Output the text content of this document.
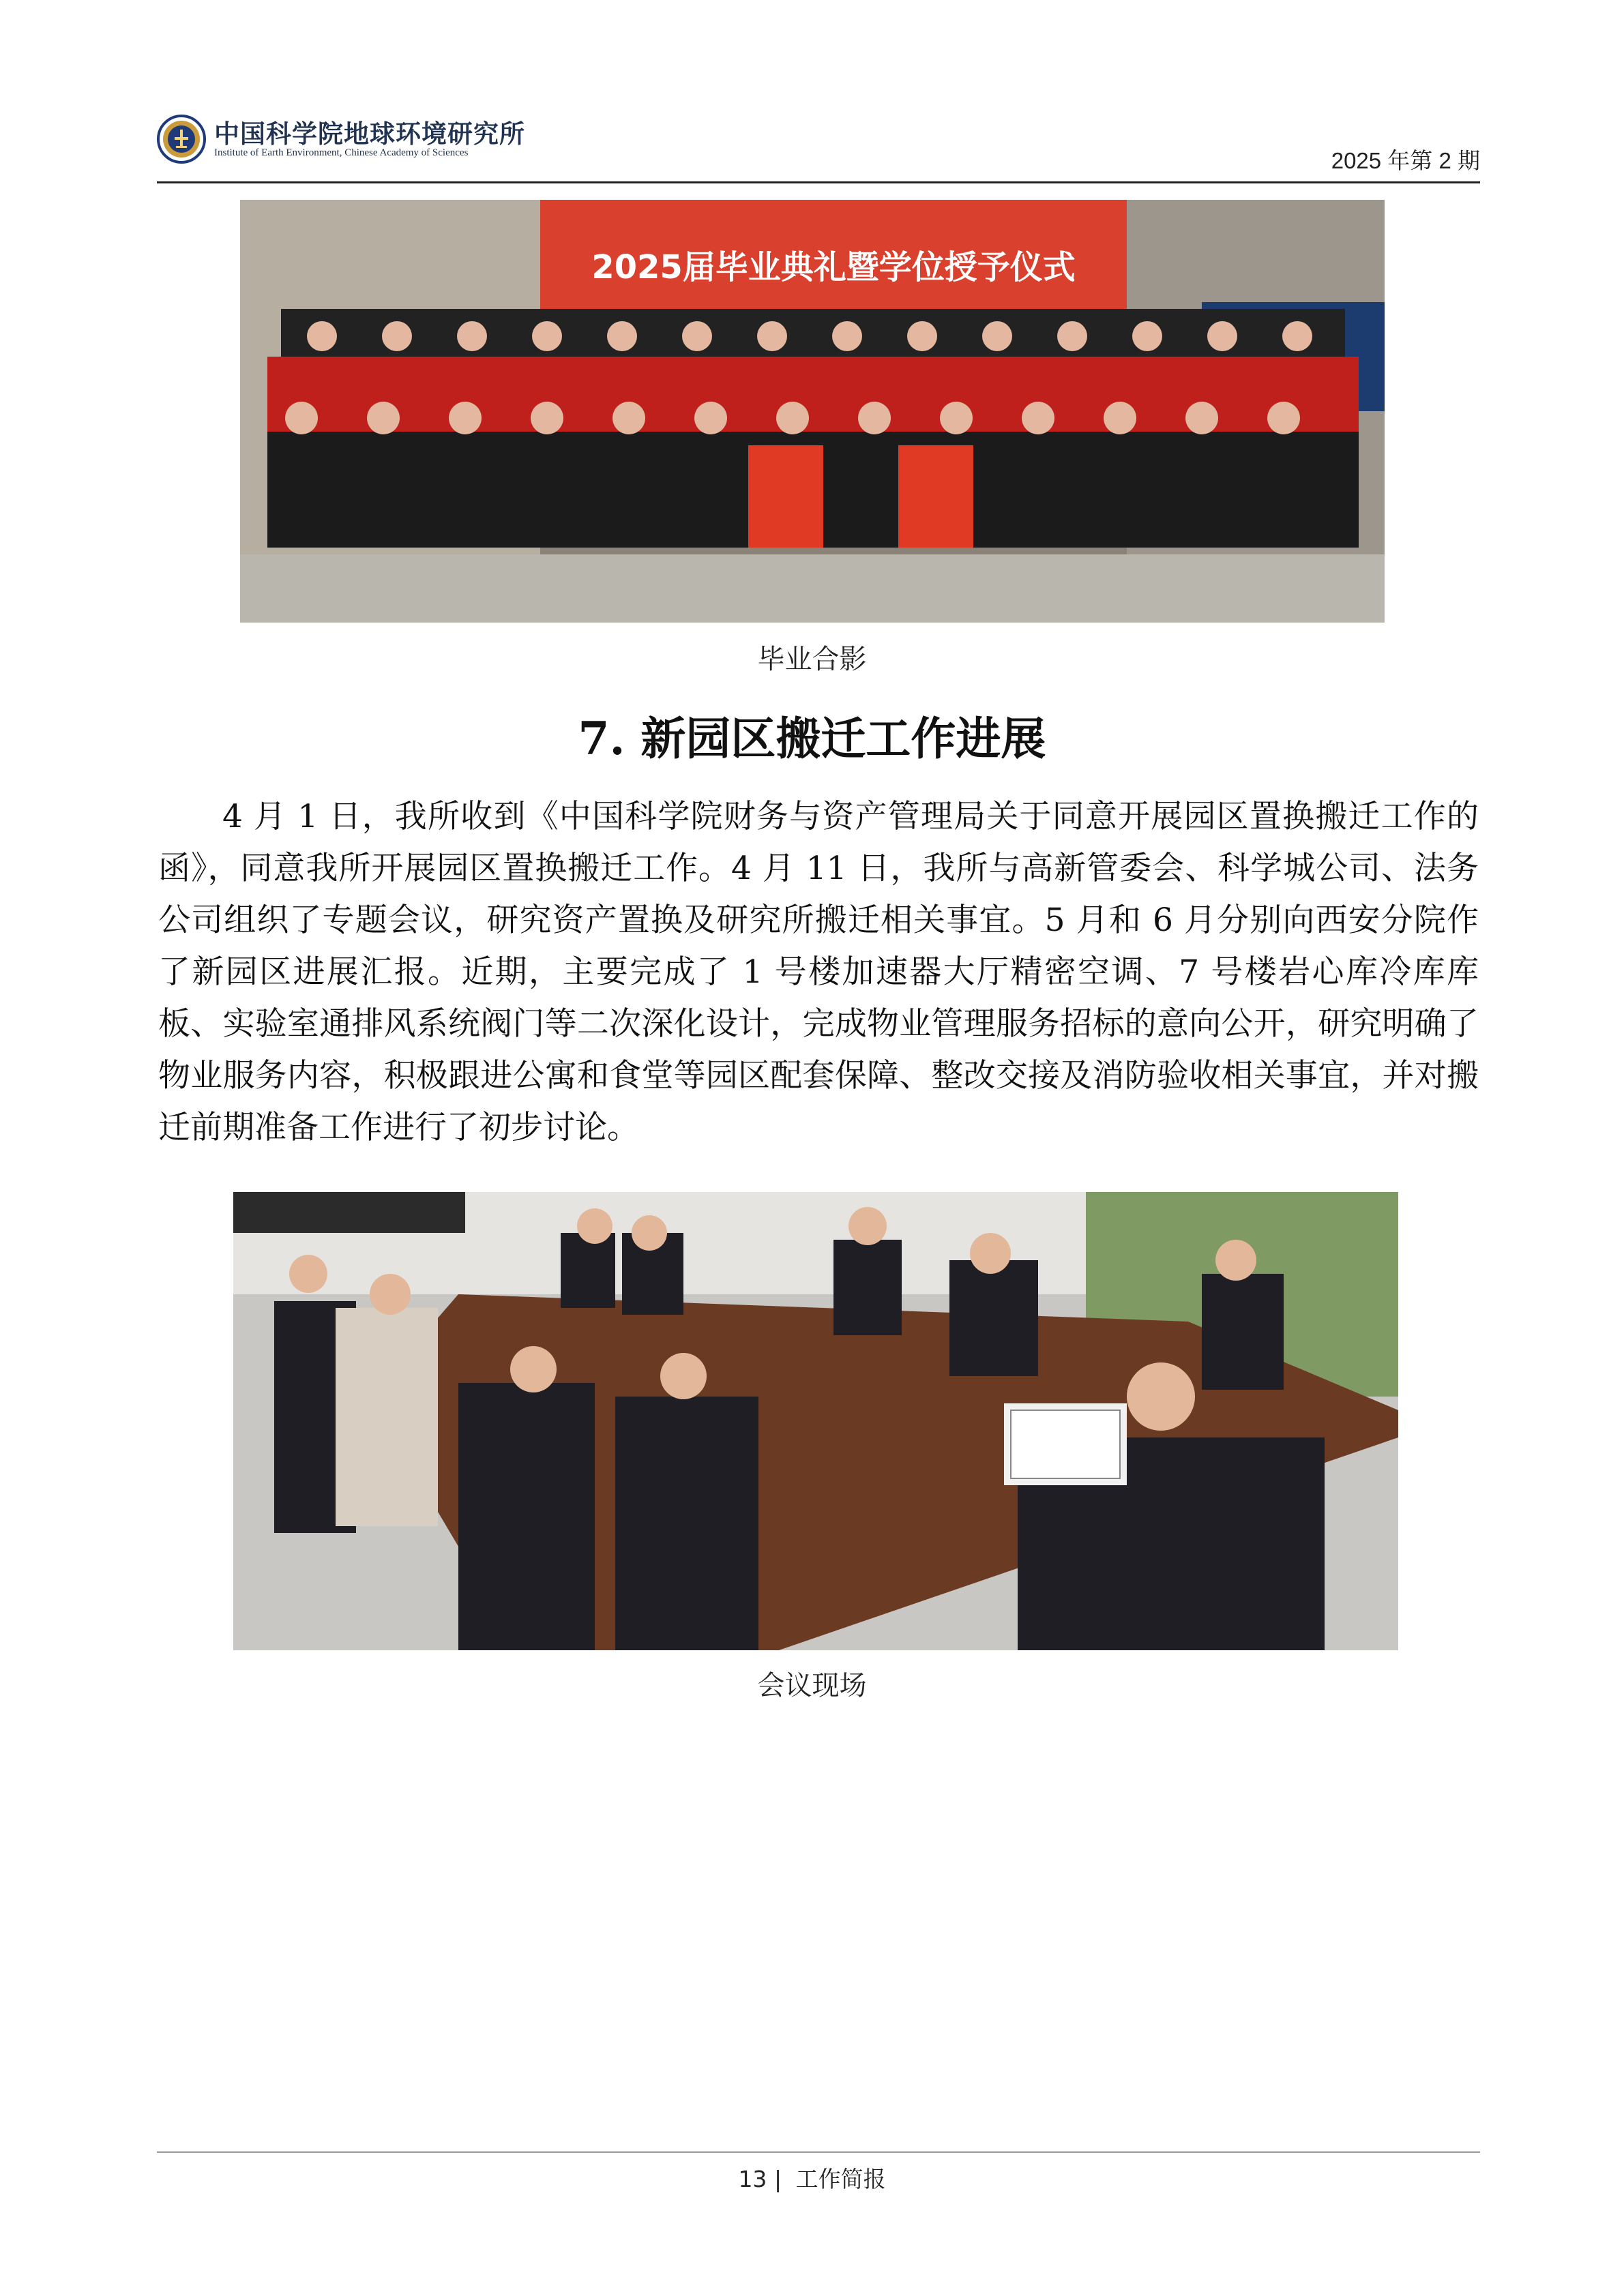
中国科学院地球环境研究所
Institute of Earth Environment, Chinese Academy of Sciences	2025 年第 2 期
2025届毕业典礼暨学位授予仪式
毕业合影
7. 新园区搬迁工作进展
4 月 1 日，我所收到《中国科学院财务与资产管理局关于同意开展园区置换搬迁工作的函》，同意我所开展园区置换搬迁工作。4 月 11 日，我所与高新管委会、科学城公司、法务公司组织了专题会议，研究资产置换及研究所搬迁相关事宜。5 月和 6 月分别向西安分院作了新园区进展汇报。近期，主要完成了 1 号楼加速器大厅精密空调、7 号楼岩心库冷库库板、实验室通排风系统阀门等二次深化设计，完成物业管理服务招标的意向公开，研究明确了物业服务内容，积极跟进公寓和食堂等园区配套保障、整改交接及消防验收相关事宜，并对搬迁前期准备工作进行了初步讨论。
会议现场
13 | 工作简报
